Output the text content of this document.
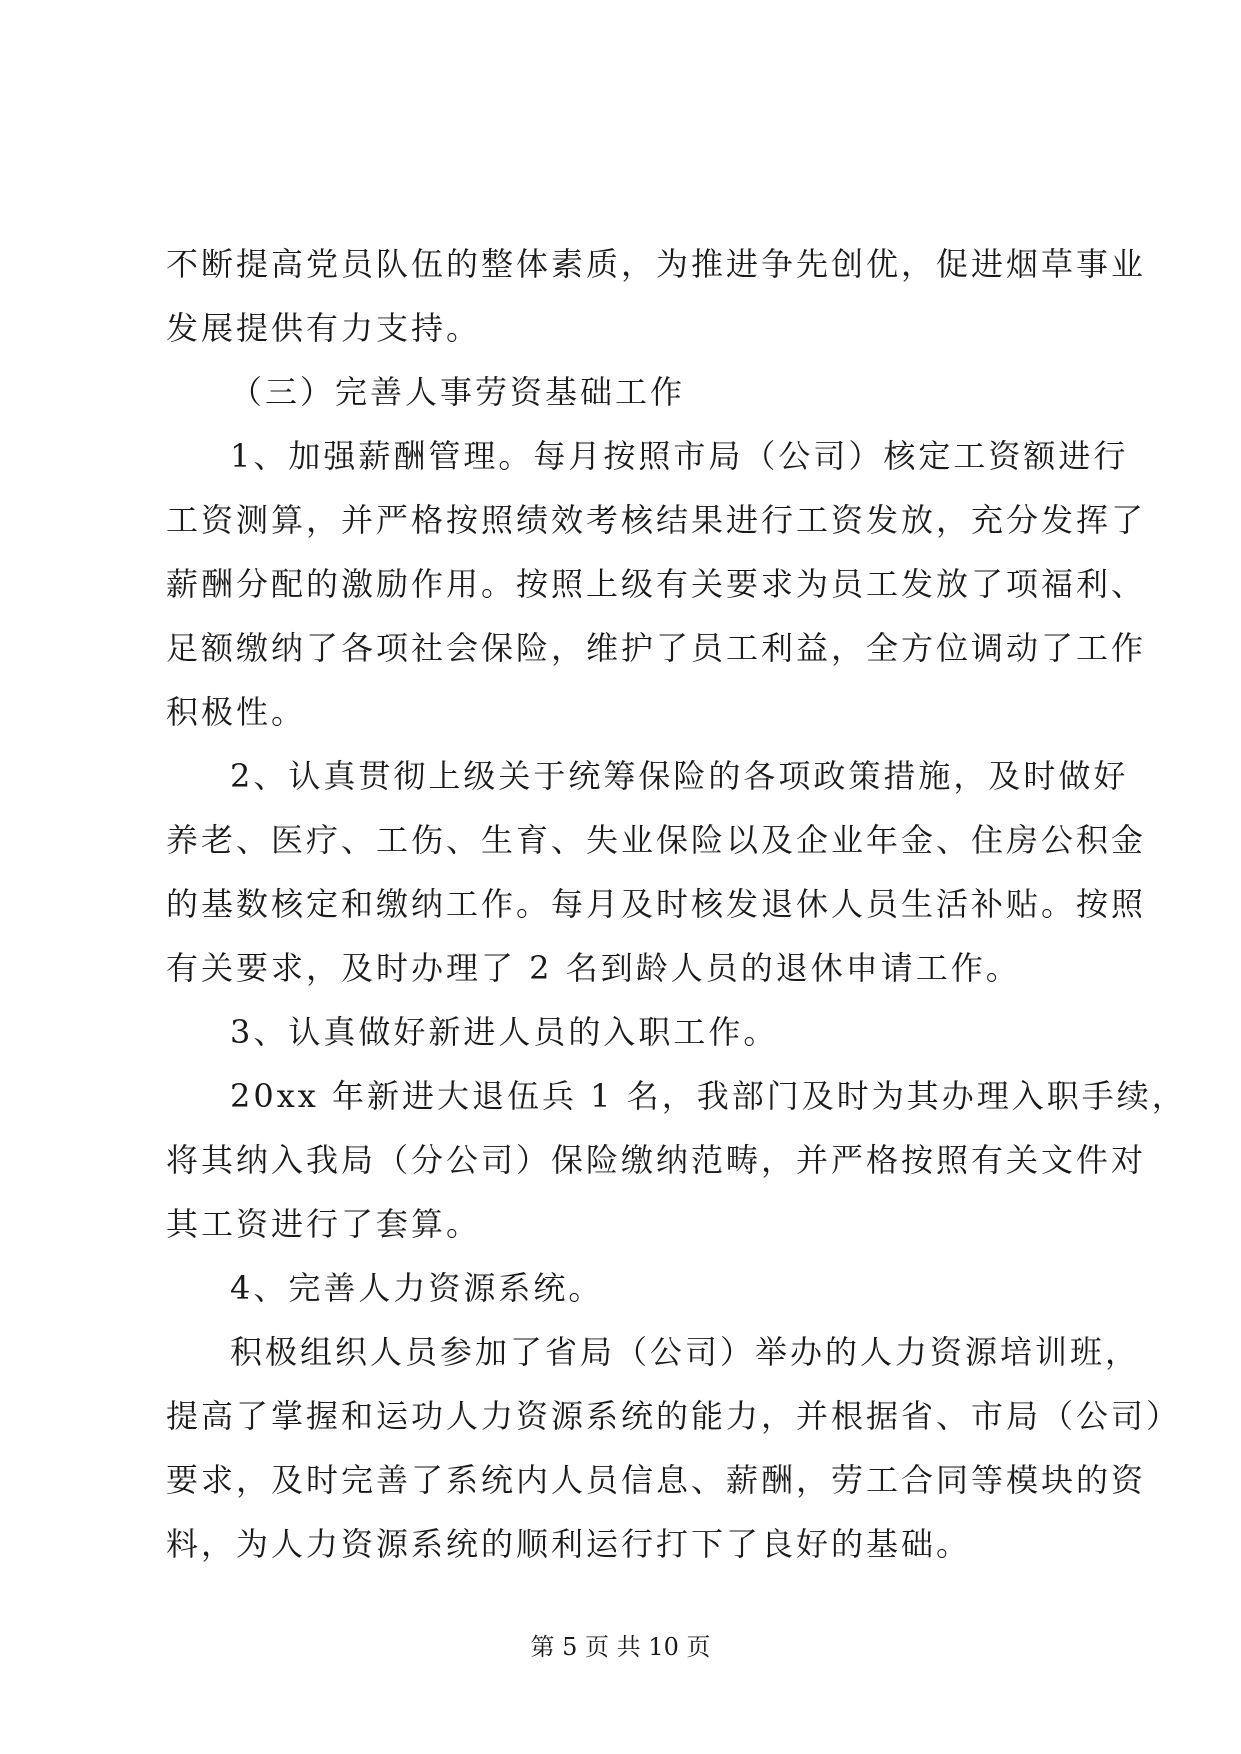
不断提高党员队伍的整体素质，为推进争先创优，促进烟草事业

发展提供有力支持。

（三）完善人事劳资基础工作

1、加强薪酬管理。每月按照市局（公司）核定工资额进行

工资测算，并严格按照绩效考核结果进行工资发放，充分发挥了

薪酬分配的激励作用。按照上级有关要求为员工发放了项福利、

足额缴纳了各项社会保险，维护了员工利益，全方位调动了工作

积极性。

2、认真贯彻上级关于统筹保险的各项政策措施，及时做好

养老、医疗、工伤、生育、失业保险以及企业年金、住房公积金

的基数核定和缴纳工作。每月及时核发退休人员生活补贴。按照

有关要求，及时办理了 2 名到龄人员的退休申请工作。

3、认真做好新进人员的入职工作。

20xx 年新进大退伍兵 1 名，我部门及时为其办理入职手续，

将其纳入我局（分公司）保险缴纳范畴，并严格按照有关文件对

其工资进行了套算。

4、完善人力资源系统。

积极组织人员参加了省局（公司）举办的人力资源培训班，

提高了掌握和运功人力资源系统的能力，并根据省、市局（公司）

要求，及时完善了系统内人员信息、薪酬，劳工合同等模块的资

料，为人力资源系统的顺利运行打下了良好的基础。

第 5 页 共 10 页
